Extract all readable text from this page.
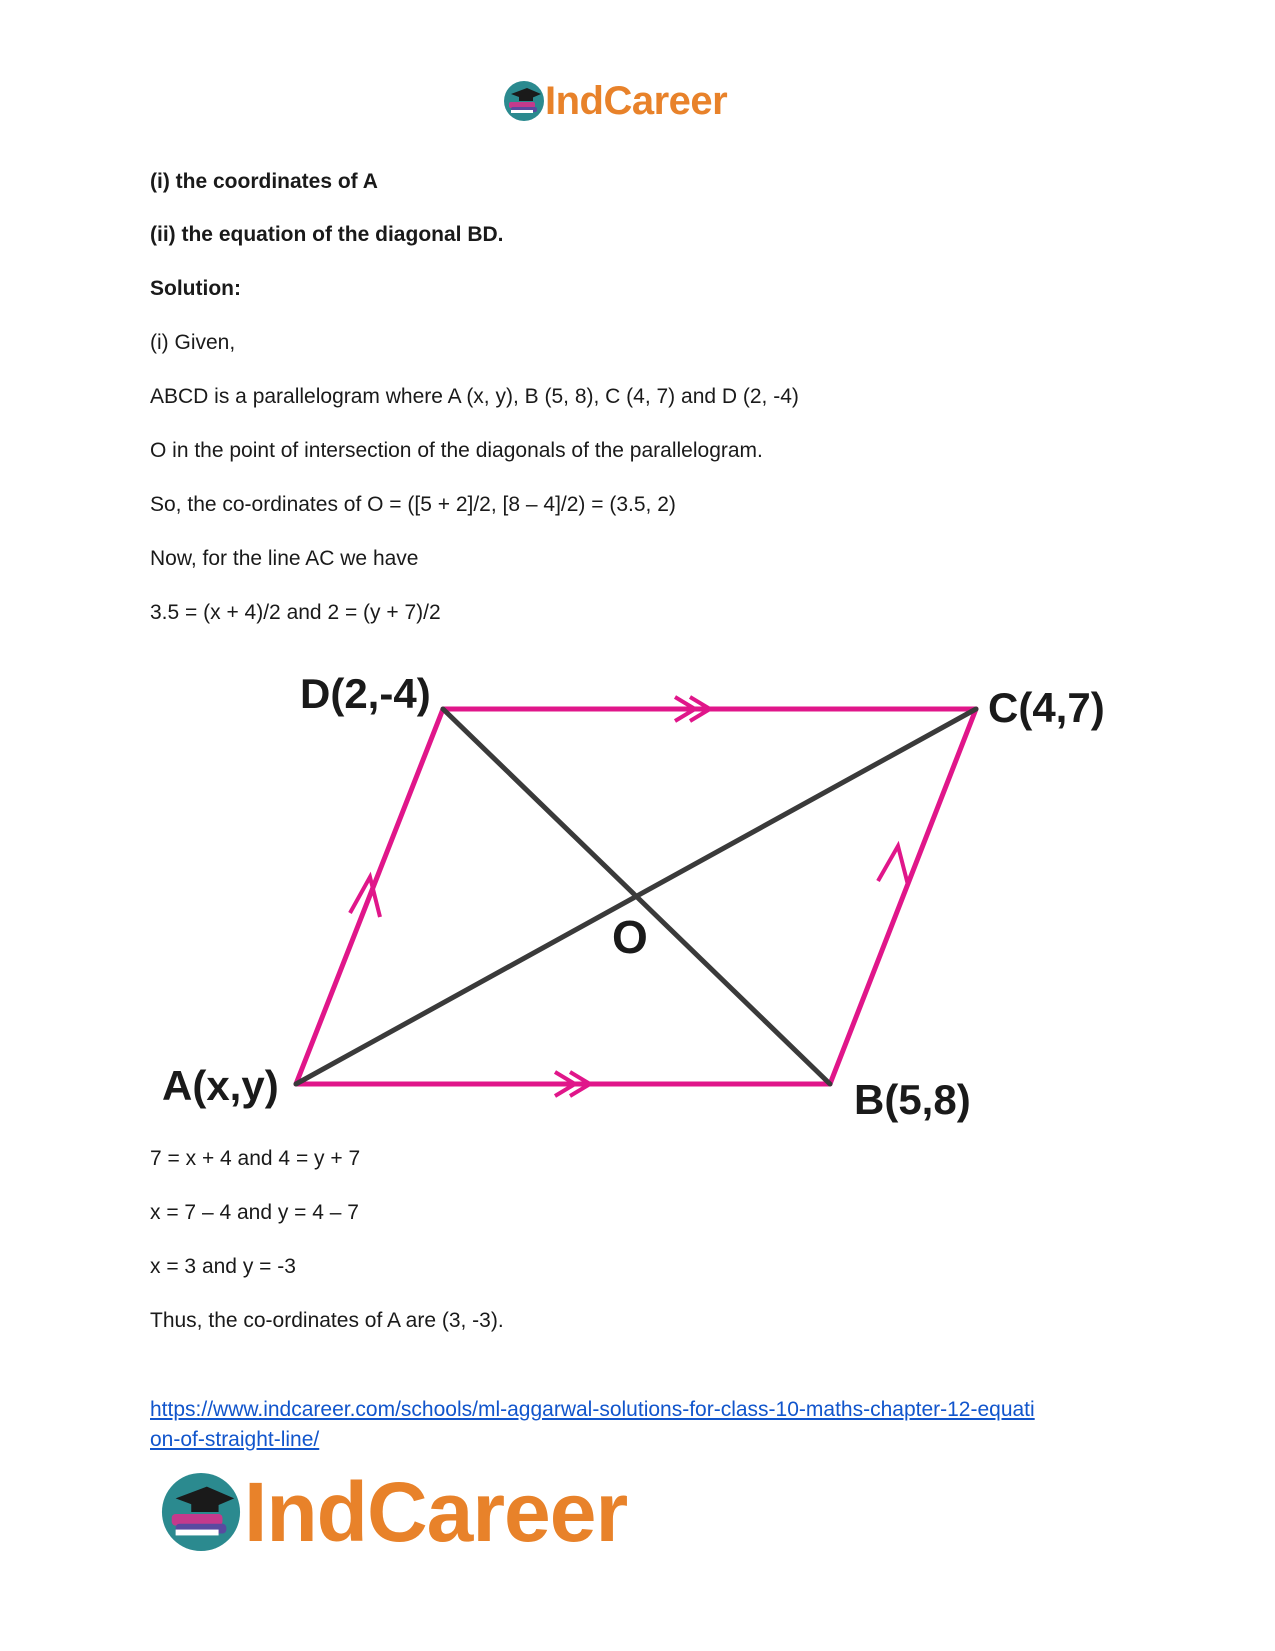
IndCareer
(i) the coordinates of A
(ii) the equation of the diagonal BD.
Solution:
(i) Given,
ABCD is a parallelogram where A (x, y), B (5, 8), C (4, 7) and D (2, -4)
O in the point of intersection of the diagonals of the parallelogram.
So, the co-ordinates of O = ([5 + 2]/2, [8 – 4]/2) = (3.5, 2)
Now, for the line AC we have
3.5 = (x + 4)/2 and 2 = (y + 7)/2
D(2,-4)	C(4,7)
A(x,y)	B(5,8)
O
7 = x + 4 and 4 = y + 7
x = 7 – 4 and y = 4 – 7
x = 3 and y = -3
Thus, the co-ordinates of A are (3, -3).
https://www.indcareer.com/schools/ml-aggarwal-solutions-for-class-10-maths-chapter-12-equati
on-of-straight-line/
IndCareer
